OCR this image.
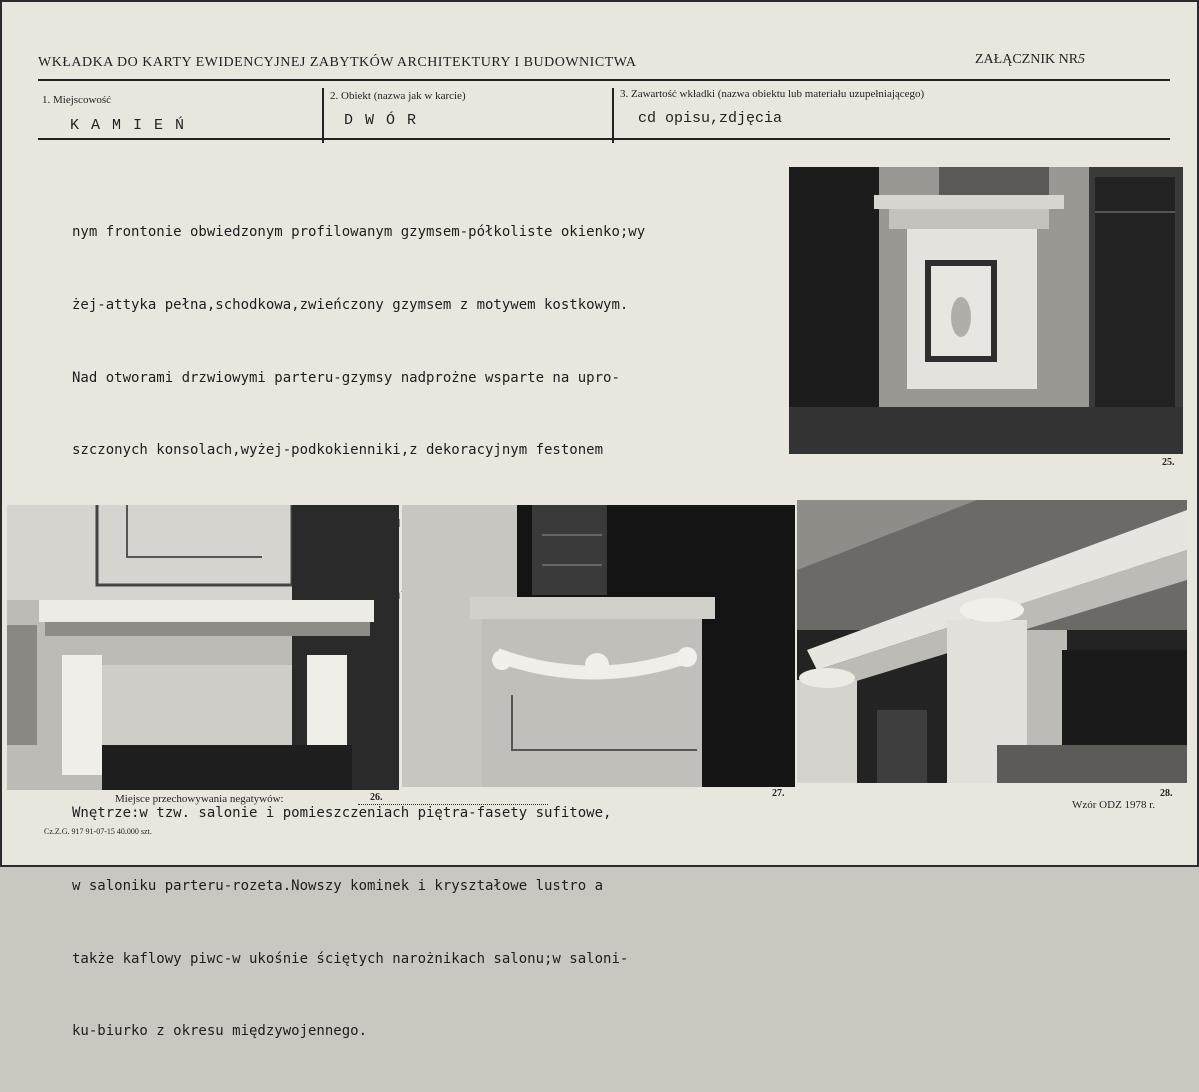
WKŁADKA DO KARTY EWIDENCYJNEJ ZABYTKÓW ARCHITEKTURY I BUDOWNICTWA	ZAŁĄCZNIK NR5
1. Miejscowość
KAMIEŃ
2. Obiekt (nazwa jak w karcie)
DWÓR
3. Zawartość wkładki (nazwa obiektu lub materiału uzupełniającego)
cd opisu,zdjęcia

nym frontonie obwiedzonym profilowanym gzymsem-półkoliste okienko;wy

żej-attyka pełna,schodkowa,zwieńczony gzymsem z motywem kostkowym.

Nad otworami drzwiowymi parteru-gzymsy nadprożne wsparte na upro-

szczonych konsolach,wyżej-podkokienniki,z dekoracyjnym festonem

Wnętrze:w tzw. salonie i pomieszczeniach piętra-fasety sufitowe,

w saloniku parteru-rozeta.Nowszy kominek i kryształowe lustro a

także kaflowy piwc-w ukośnie ściętych narożnikach salonu;w saloni-

ku-biurko z okresu międzywojennego.

25.
27.	28.
Miejsce przechowywania negatywów:	26.
Wzór ODZ 1978 r.
Cz.Z.G. 917 91-07-15 40.000 szt.
